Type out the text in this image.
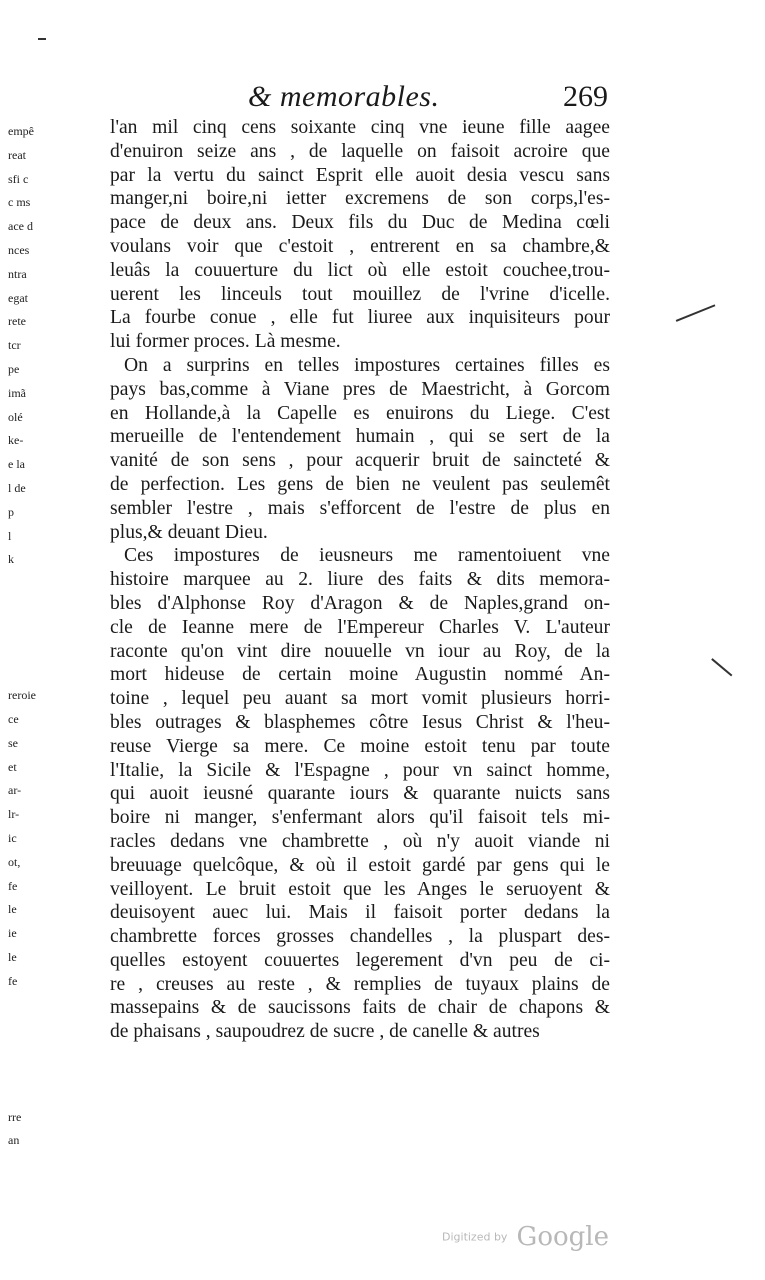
& memorables.	269
empê
reat
sfi c
c ms
ace d
nces
ntra
egat
rete
tcr
pe
imã
olé
ke-
e la
l de
p
l
k
reroie
ce
se
et
ar-
lr-
ic
ot,
fe
le
ie
le
fe
rre
an
l'an mil cinq cens soixante cinq vne ieune fille aagee
d'enuiron seize ans , de laquelle on faisoit acroire que
par la vertu du sainct Esprit elle auoit desia vescu sans
manger,ni boire,ni ietter excremens de son corps,l'es-
pace de deux ans. Deux fils du Duc de Medina cœli
voulans voir que c'estoit , entrerent en sa chambre,&
leuâs la couuerture du lict où elle estoit couchee,trou-
uerent les linceuls tout mouillez de l'vrine d'icelle.
La fourbe conue , elle fut liuree aux inquisiteurs pour
lui former proces. Là mesme.
On a surprins en telles impostures certaines filles es
pays bas,comme à Viane pres de Maestricht, à Gorcom
en Hollande,à la Capelle es enuirons du Liege. C'est
merueille de l'entendement humain , qui se sert de la
vanité de son sens , pour acquerir bruit de saincteté &
de perfection. Les gens de bien ne veulent pas seulemêt
sembler l'estre , mais s'efforcent de l'estre de plus en
plus,& deuant Dieu.
Ces impostures de ieusneurs me ramentoiuent vne
histoire marquee au 2. liure des faits & dits memora-
bles d'Alphonse Roy d'Aragon & de Naples,grand on-
cle de Ieanne mere de l'Empereur Charles V. L'auteur
raconte qu'on vint dire nouuelle vn iour au Roy, de la
mort hideuse de certain moine Augustin nommé An-
toine , lequel peu auant sa mort vomit plusieurs horri-
bles outrages & blasphemes côtre Iesus Christ & l'heu-
reuse Vierge sa mere. Ce moine estoit tenu par toute
l'Italie, la Sicile & l'Espagne , pour vn sainct homme,
qui auoit ieusné quarante iours & quarante nuicts sans
boire ni manger, s'enfermant alors qu'il faisoit tels mi-
racles dedans vne chambrette , où n'y auoit viande ni
breuuage quelcôque, & où il estoit gardé par gens qui le
veilloyent. Le bruit estoit que les Anges le seruoyent &
deuisoyent auec lui. Mais il faisoit porter dedans la
chambrette forces grosses chandelles , la pluspart des-
quelles estoyent couuertes legerement d'vn peu de ci-
re , creuses au reste , & remplies de tuyaux plains de
massepains & de saucissons faits de chair de chapons &
de phaisans , saupoudrez de sucre , de canelle & autres
Digitized by Google
